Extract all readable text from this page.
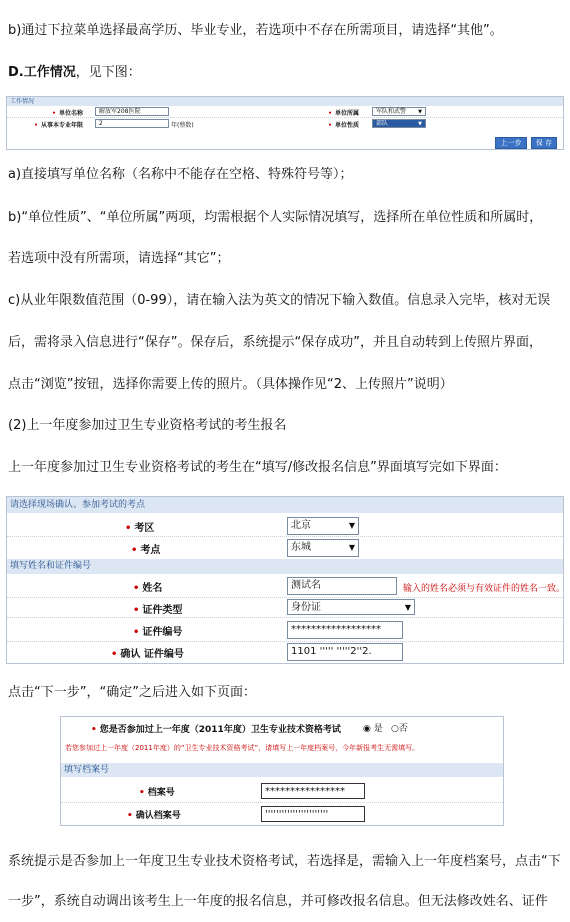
b)通过下拉菜单选择最高学历、毕业专业，若选项中不存在所需项目，请选择“其他”。
D.工作情况，见下图：
工作情况
• 单位名称	解放军208医院	• 单位所属	军队和武警 ▼
• 从事本专业年限	2	年(整数)	• 单位性质	部队	▼
上一步	保 存
a)直接填写单位名称（名称中不能存在空格、特殊符号等）；
b)“单位性质”、“单位所属”两项，均需根据个人实际情况填写，选择所在单位性质和所属时，
若选项中没有所需项，请选择“其它”；
c)从业年限数值范围（0-99），请在输入法为英文的情况下输入数值。信息录入完毕，核对无误
后，需将录入信息进行“保存”。保存后，系统提示“保存成功”，并且自动转到上传照片界面，
点击“浏览”按钮，选择你需要上传的照片。（具体操作见“2、上传照片”说明）
(2)上一年度参加过卫生专业资格考试的考生报名
上一年度参加过卫生专业资格考试的考生在“填写/修改报名信息”界面填写完如下界面：
请选择现场确认、参加考试的考点
• 考区	北京	▼
• 考点	东城	▼
填写姓名和证件编号
• 姓名	测试名	输入的姓名必须与有效证件的姓名一致。
• 证件类型	身份证	▼
• 证件编号	******************
• 确认 证件编号	1101 ''''' '''''2''2.
点击“下一步”，“确定”之后进入如下页面：
• 您是否参加过上一年度（2011年度）卫生专业技术资格考试 ◉ 是 ○否
若您参加过上一年度（2011年度）的“卫生专业技术资格考试”，请填写上一年度档案号，今年新报考生无需填写。
填写档案号
• 档案号	****************
• 确认档案号	'''''''''''''''''''''''
系统提示是否参加上一年度卫生专业技术资格考试，若选择是，需输入上一年度档案号，点击“下
一步”，系统自动调出该考生上一年度的报名信息，并可修改报名信息。但无法修改姓名、证件
